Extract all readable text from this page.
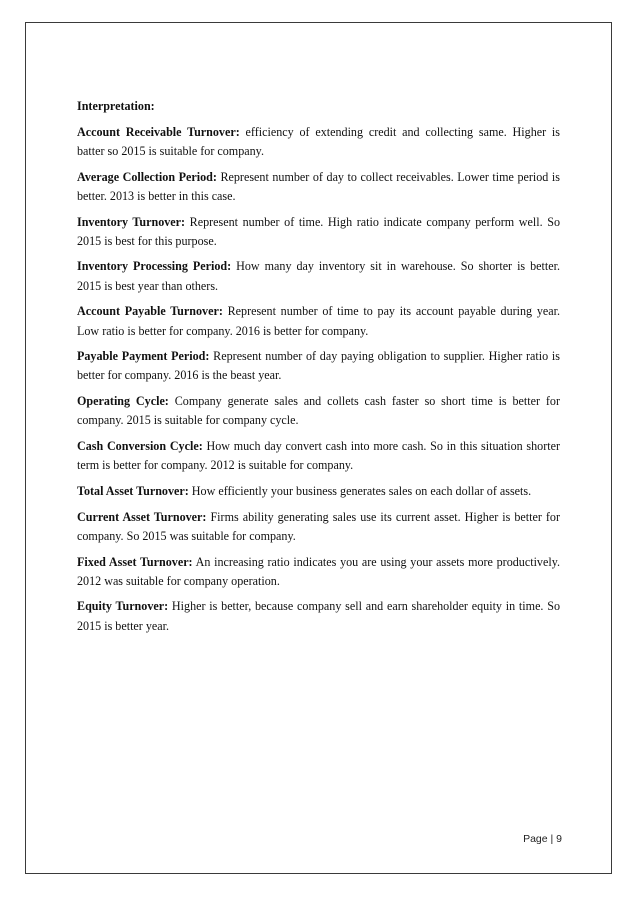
Interpretation:

Account Receivable Turnover: efficiency of extending credit and collecting same. Higher is batter so 2015 is suitable for company.

Average Collection Period: Represent number of day to collect receivables. Lower time period is better. 2013 is better in this case.

Inventory Turnover: Represent number of time. High ratio indicate company perform well. So 2015 is best for this purpose.

Inventory Processing Period: How many day inventory sit in warehouse. So shorter is better. 2015 is best year than others.

Account Payable Turnover: Represent number of time to pay its account payable during year. Low ratio is better for company. 2016 is better for company.

Payable Payment Period: Represent number of day paying obligation to supplier. Higher ratio is better for company. 2016 is the beast year.

Operating Cycle: Company generate sales and collets cash faster so short time is better for company. 2015 is suitable for company cycle.

Cash Conversion Cycle: How much day convert cash into more cash. So in this situation shorter term is better for company. 2012 is suitable for company.

Total Asset Turnover: How efficiently your business generates sales on each dollar of assets.

Current Asset Turnover: Firms ability generating sales use its current asset. Higher is better for company. So 2015 was suitable for company.

Fixed Asset Turnover: An increasing ratio indicates you are using your assets more productively. 2012 was suitable for company operation.

Equity Turnover: Higher is better, because company sell and earn shareholder equity in time. So 2015 is better year.

Page | 9
